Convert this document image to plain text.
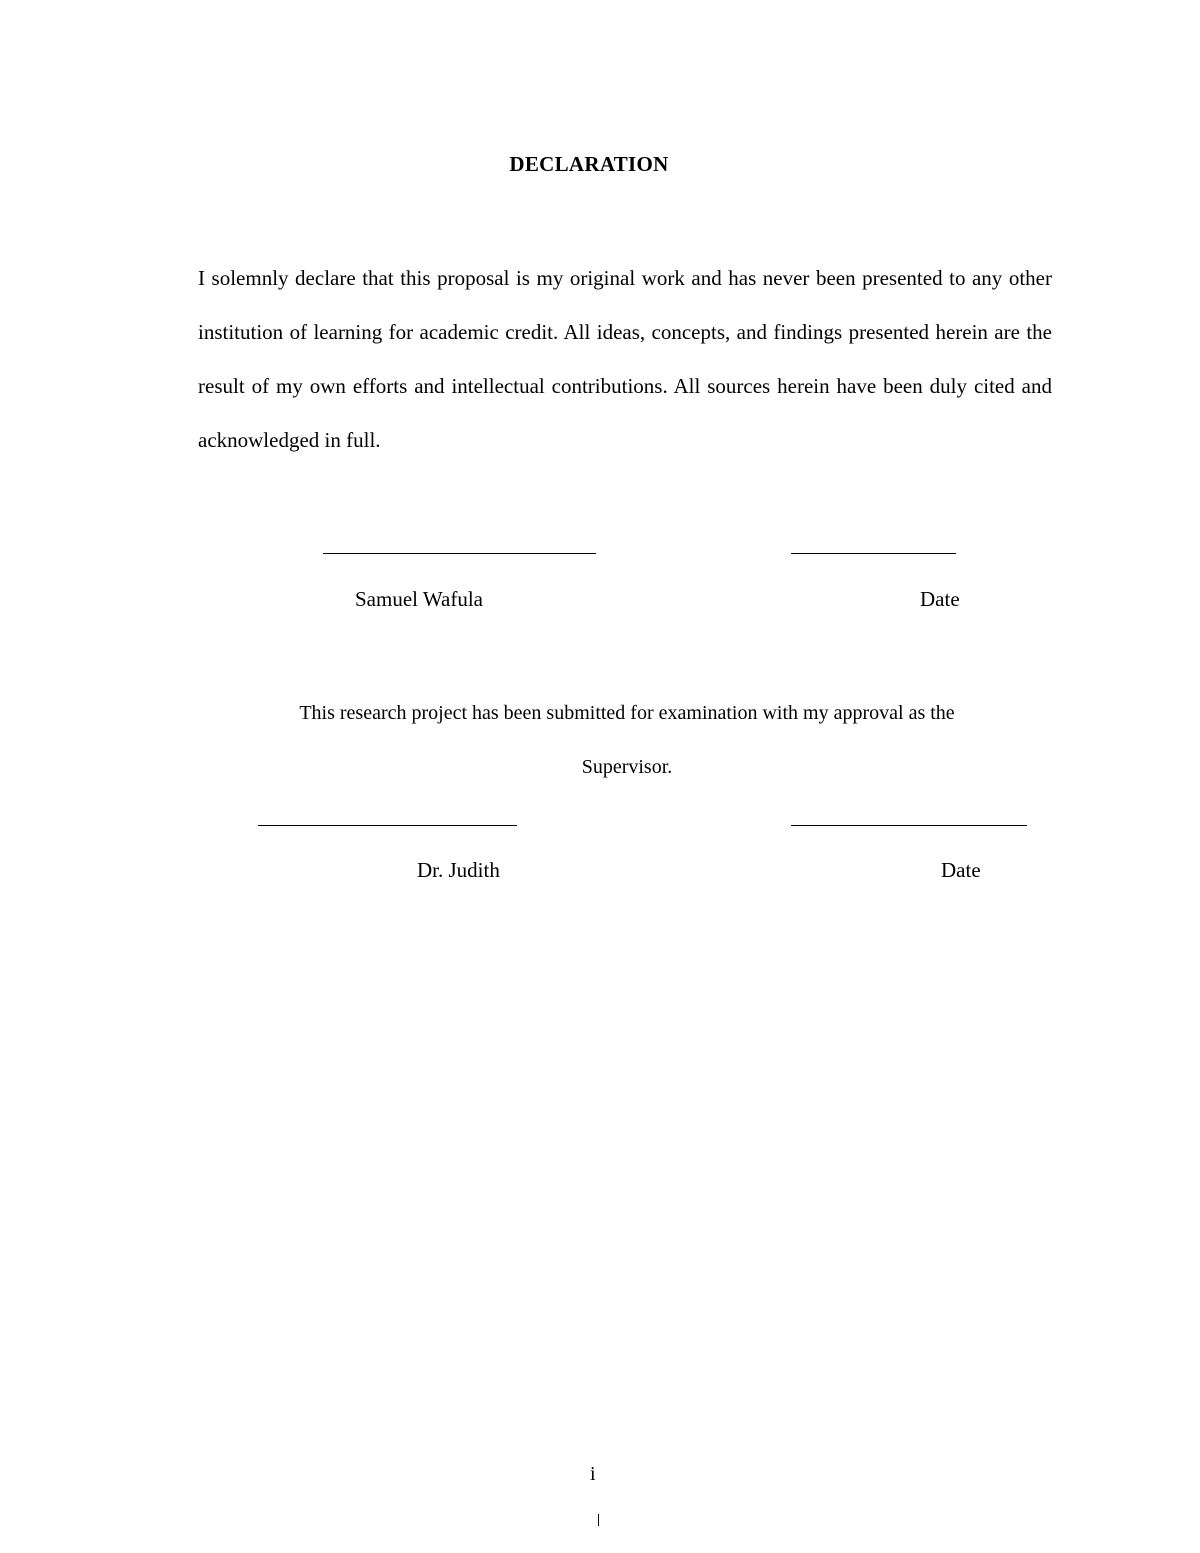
DECLARATION

I solemnly declare that this proposal is my original work and has never been presented to any other institution of learning for academic credit. All ideas, concepts, and findings presented herein are the result of my own efforts and intellectual contributions. All sources herein have been duly cited and acknowledged in full.

Samuel Wafula	Date

This research project has been submitted for examination with my approval as the
Supervisor.

Dr. Judith	Date
i
